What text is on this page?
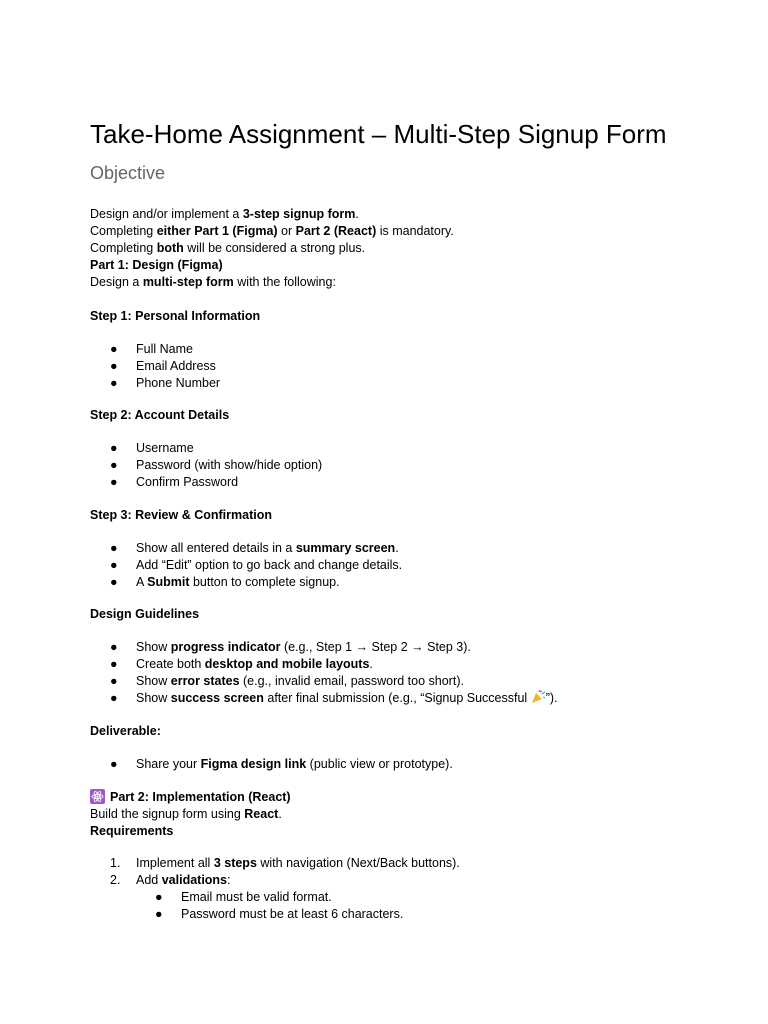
Take-Home Assignment – Multi-Step Signup Form
Objective
Design and/or implement a 3-step signup form.
Completing either Part 1 (Figma) or Part 2 (React) is mandatory.
Completing both will be considered a strong plus.
Part 1: Design (Figma)
Design a multi-step form with the following:
Step 1: Personal Information
●	Full Name
●	Email Address
●	Phone Number
Step 2: Account Details
●	Username
●	Password (with show/hide option)
●	Confirm Password
Step 3: Review & Confirmation
●	Show all entered details in a summary screen.
●	Add “Edit” option to go back and change details.
●	A Submit button to complete signup.
Design Guidelines
●	Show progress indicator (e.g., Step 1 → Step 2 → Step 3).
●	Create both desktop and mobile layouts.
●	Show error states (e.g., invalid email, password too short).
●	Show success screen after final submission (e.g., “Signup Successful ”).
Deliverable:
●	Share your Figma design link (public view or prototype).
Part 2: Implementation (React)
Build the signup form using React.
Requirements
1. Implement all 3 steps with navigation (Next/Back buttons).
2. Add validations:
●	Email must be valid format.
●	Password must be at least 6 characters.
